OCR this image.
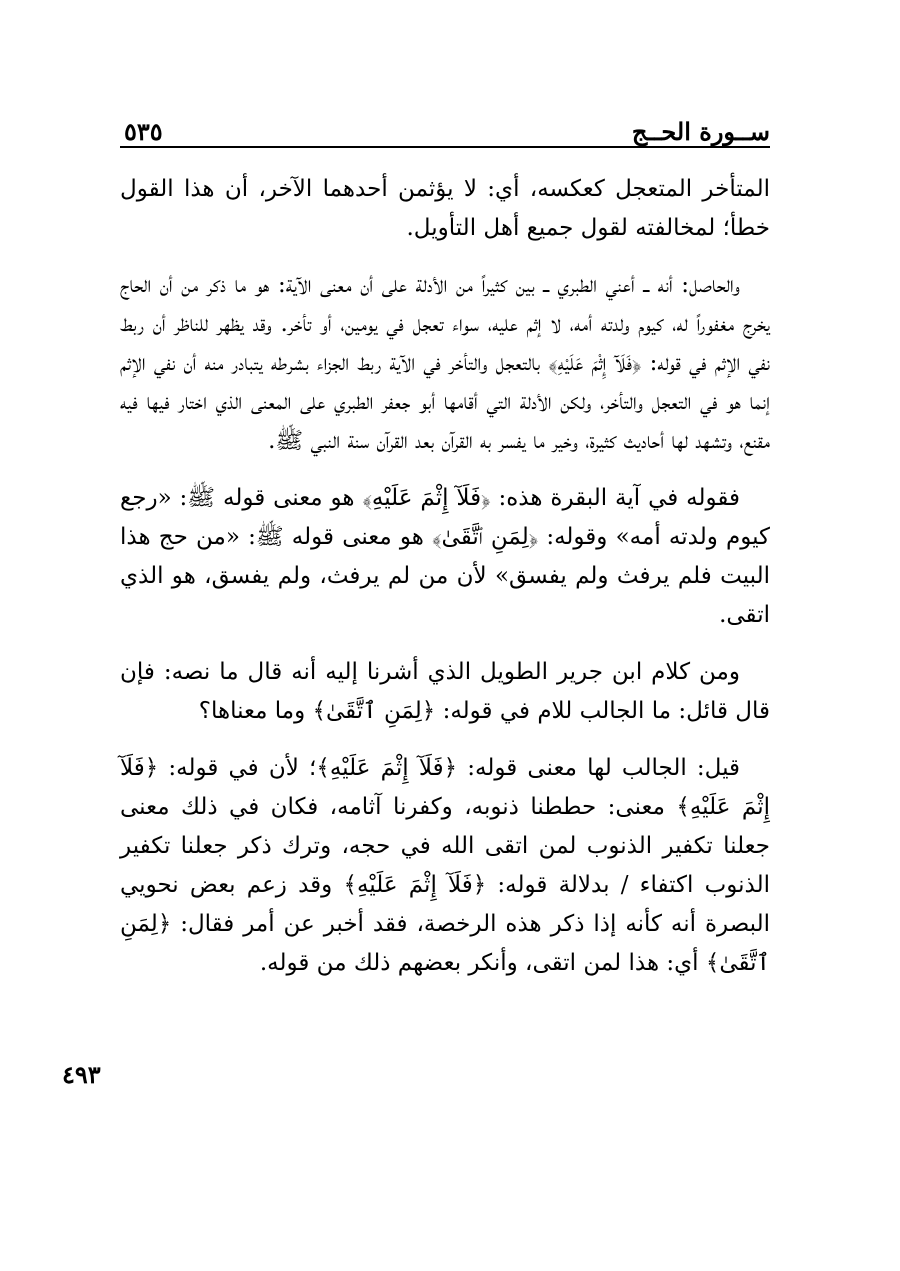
ســورة الحــج
٥٣٥

المتأخر المتعجل كعكسه، أي: لا يؤثمن أحدهما الآخر، أن هذا القول خطأ؛ لمخالفته لقول جميع أهل التأويل.

والحاصل: أنه ــ أعني الطبري ــ بين كثيراً من الأدلة على أن معنى الآية: هو ما ذكر من أن الحاج يخرج مغفوراً له، كيوم ولدته أمه، لا إثم عليه، سواء تعجل في يومين، أو تأخر. وقد يظهر للناظر أن ربط نفي الإثم في قوله: ﴿فَلَآ إِثْمَ عَلَيْهِ﴾ بالتعجل والتأخر في الآية ربط الجزاء بشرطه يتبادر منه أن نفي الإثم إنما هو في التعجل والتأخر، ولكن الأدلة التي أقامها أبو جعفر الطبري على المعنى الذي اختار فيها فيه مقنع، وتشهد لها أحاديث كثيرة، وخير ما يفسر به القرآن بعد القرآن سنة النبي ﷺ.

فقوله في آية البقرة هذه: ﴿فَلَآ إِثْمَ عَلَيْهِ﴾ هو معنى قوله ﷺ: «رجع كيوم ولدته أمه» وقوله: ﴿لِمَنِ ٱتَّقَىٰ﴾ هو معنى قوله ﷺ: «من حج هذا البيت فلم يرفث ولم يفسق» لأن من لم يرفث، ولم يفسق، هو الذي اتقى.

ومن كلام ابن جرير الطويل الذي أشرنا إليه أنه قال ما نصه: فإن قال قائل: ما الجالب للام في قوله: ﴿لِمَنِ ٱتَّقَىٰ﴾ وما معناها؟

قيل: الجالب لها معنى قوله: ﴿فَلَآ إِثْمَ عَلَيْهِ﴾؛ لأن في قوله: ﴿فَلَآ إِثْمَ عَلَيْهِ﴾ معنى: حططنا ذنوبه، وكفرنا آثامه، فكان في ذلك معنى جعلنا تكفير الذنوب لمن اتقى الله في حجه، وترك ذكر جعلنا تكفير الذنوب اكتفاء / بدلالة قوله: ﴿فَلَآ إِثْمَ عَلَيْهِ﴾ وقد زعم بعض نحويي البصرة أنه كأنه إذا ذكر هذه الرخصة، فقد أخبر عن أمر فقال: ﴿لِمَنِ ٱتَّقَىٰ﴾ أي: هذا لمن اتقى، وأنكر بعضهم ذلك من قوله.

٤٩٣
